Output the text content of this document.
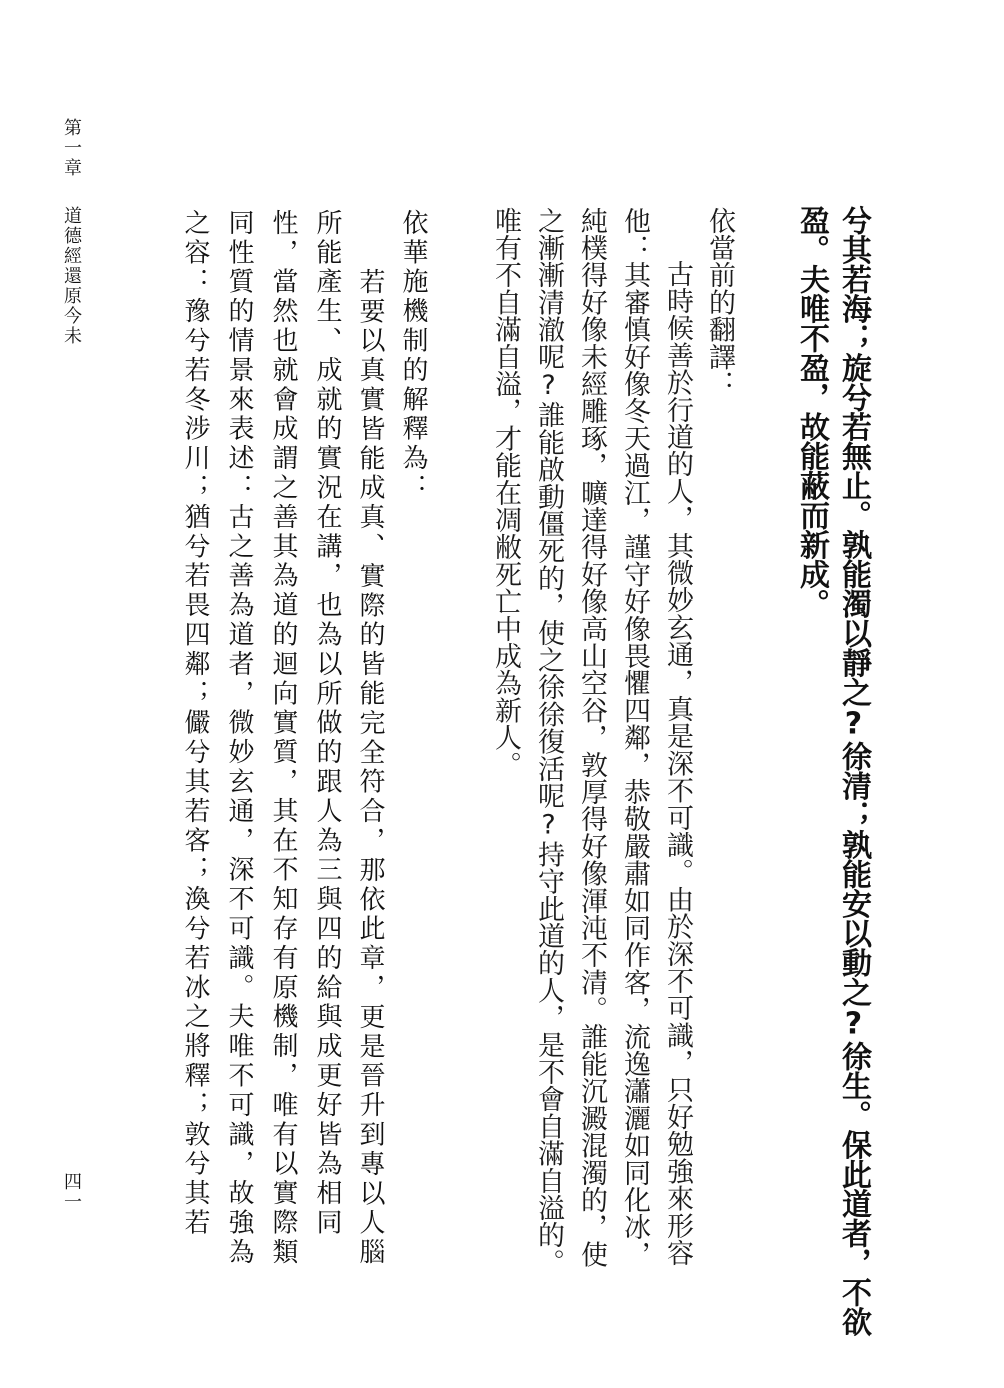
第一章
道德經還原今未
四一	兮其若海；旋兮若無止。孰能濁以靜之?徐清；孰能安以動之?徐生。保此道者，不欲
盈。夫唯不盈，故能蔽而新成。
依當前的翻譯：
古時候善於行道的人，其微妙玄通，真是深不可識。由於深不可識，只好勉強來形容
他：其審慎好像冬天過江，謹守好像畏懼四鄰，恭敬嚴肅如同作客，流逸瀟灑如同化冰，
純樸得好像未經雕琢，曠達得好像高山空谷，敦厚得好像渾沌不清。誰能沉澱混濁的，使
之漸漸清澈呢?誰能啟動僵死的，使之徐徐復活呢?持守此道的人，是不會自滿自溢的。
唯有不自滿自溢，才能在凋敝死亡中成為新人。
依華施機制的解釋為：
若要以真實皆能成真、實際的皆能完全符合，那依此章，更是晉升到專以人腦
所能產生、成就的實況在講，也為以所做的跟人為三與四的給與成更好皆為相同
性，當然也就會成謂之善其為道的迴向實質，其在不知存有原機制，唯有以實際類
同性質的情景來表述：古之善為道者，微妙玄通，深不可識。夫唯不可識，故強為
之容：豫兮若冬涉川；猶兮若畏四鄰；儼兮其若客；渙兮若冰之將釋；敦兮其若
